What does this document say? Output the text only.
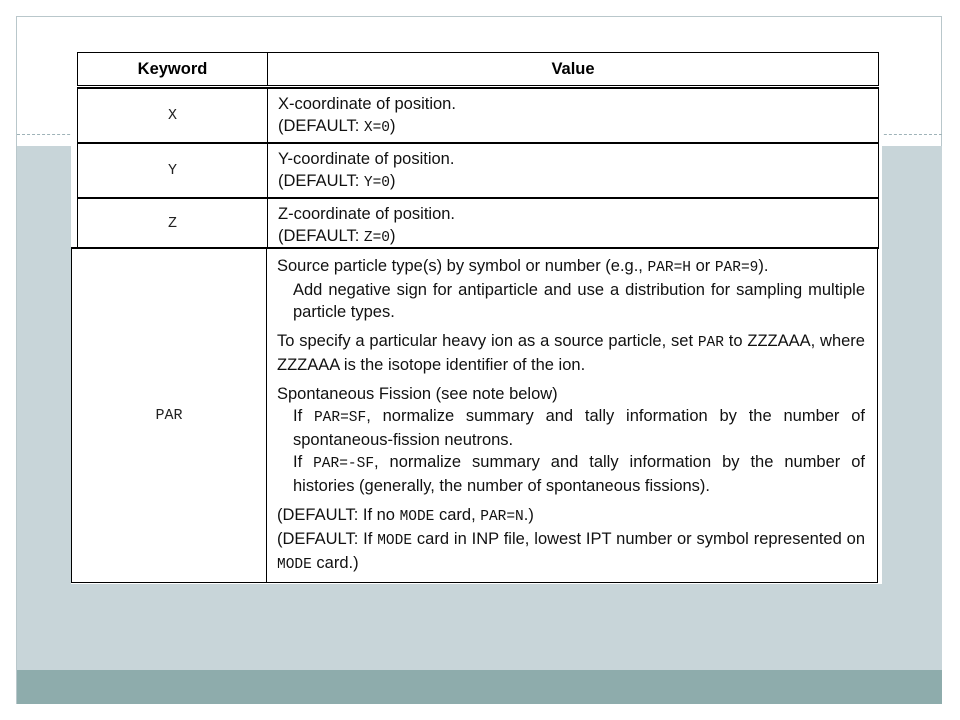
Keyword	Value
X
X-coordinate of position.
(DEFAULT: X=0)
Y
Y-coordinate of position.
(DEFAULT: Y=0)
Z
Z-coordinate of position.
(DEFAULT: Z=0)
PAR
Source particle type(s) by symbol or number (e.g., PAR=H or PAR=9).
Add negative sign for antiparticle and use a distribution for sampling multiple particle types.
To specify a particular heavy ion as a source particle, set PAR to ZZZAAA, where ZZZAAA is the isotope identifier of the ion.
Spontaneous Fission (see note below)
If PAR=SF, normalize summary and tally information by the number of spontaneous-fission neutrons.
If PAR=-SF, normalize summary and tally information by the number of histories (generally, the number of spontaneous fissions).
(DEFAULT: If no MODE card, PAR=N.)
(DEFAULT: If MODE card in INP file, lowest IPT number or symbol represented on MODE card.)
